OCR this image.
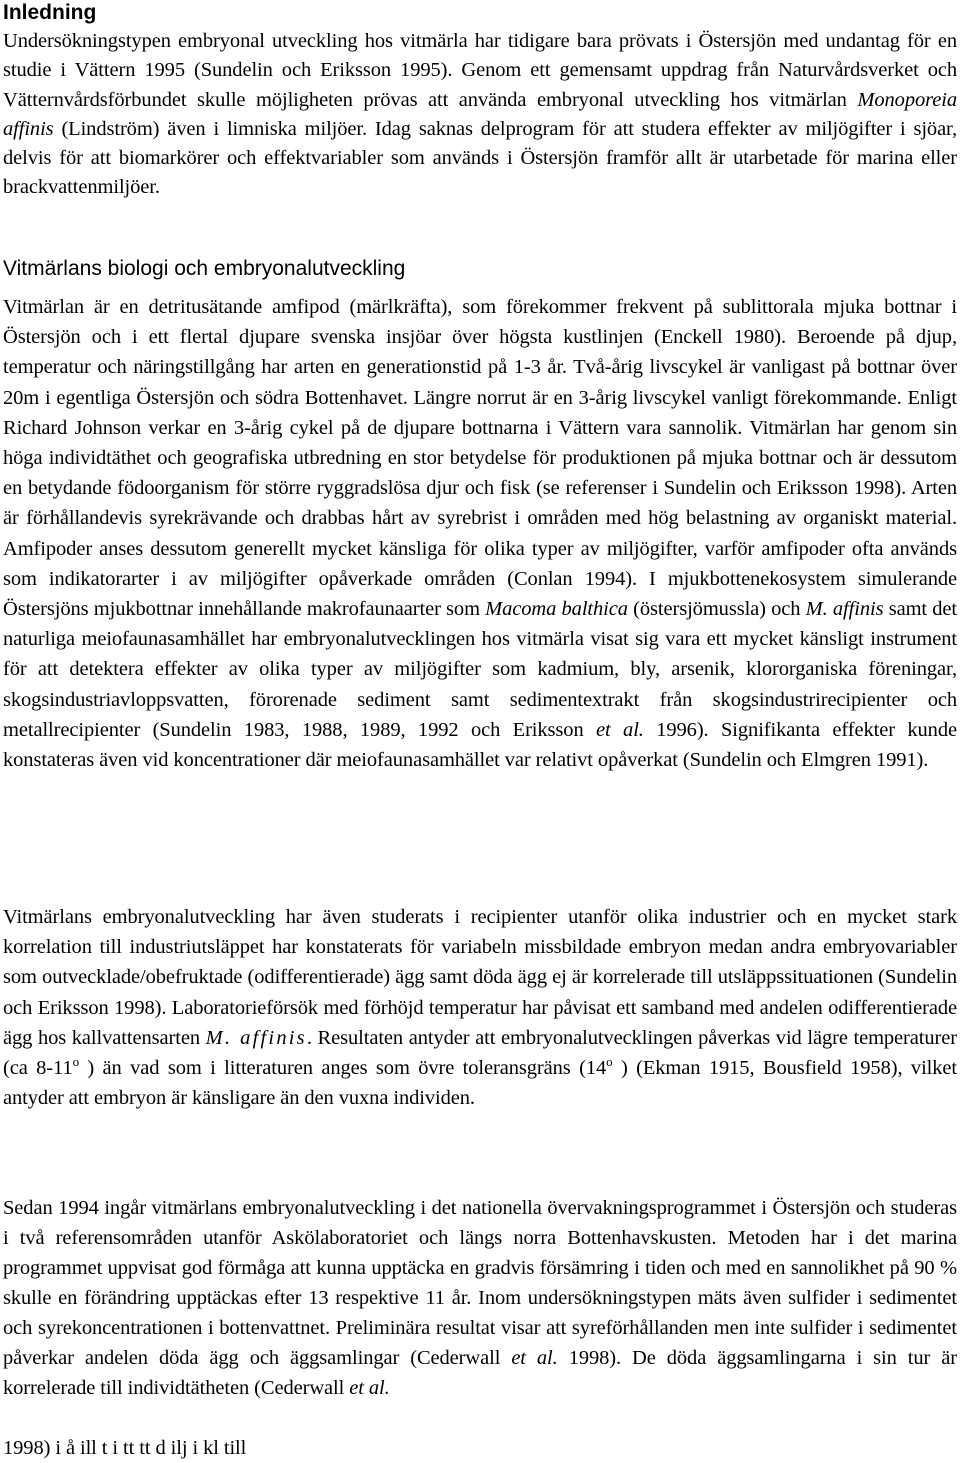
Inledning

Undersökningstypen embryonal utveckling hos vitmärla har tidigare bara prövats i Östersjön med undantag för en studie i Vättern 1995 (Sundelin och Eriksson 1995). Genom ett gemensamt uppdrag från Naturvårdsverket och Vätternvårdsförbundet skulle möjligheten prövas att använda embryonal utveckling hos vitmärlan Monoporeia affinis (Lindström) även i limniska miljöer. Idag saknas delprogram för att studera effekter av miljögifter i sjöar, delvis för att biomarkörer och effektvariabler som används i Östersjön framför allt är utarbetade för marina eller brackvattenmiljöer.

Vitmärlans biologi och embryonalutveckling

Vitmärlan är en detritusätande amfipod (märlkräfta), som förekommer frekvent på sublittorala mjuka bottnar i Östersjön och i ett flertal djupare svenska insjöar över högsta kustlinjen (Enckell 1980). Beroende på djup, temperatur och näringstillgång har arten en generationstid på 1-3 år. Två-årig livscykel är vanligast på bottnar över 20m i egentliga Östersjön och södra Bottenhavet. Längre norrut är en 3-årig livscykel vanligt förekommande. Enligt Richard Johnson verkar en 3-årig cykel på de djupare bottnarna i Vättern vara sannolik. Vitmärlan har genom sin höga individtäthet och geografiska utbredning en stor betydelse för produktionen på mjuka bottnar och är dessutom en betydande födoorganism för större ryggradslösa djur och fisk (se referenser i Sundelin och Eriksson 1998). Arten är förhållandevis syrekrävande och drabbas hårt av syrebrist i områden med hög belastning av organiskt material. Amfipoder anses dessutom generellt mycket känsliga för olika typer av miljögifter, varför amfipoder ofta används som indikatorarter i av miljögifter opåverkade områden (Conlan 1994). I mjukbottenekosystem simulerande Östersjöns mjukbottnar innehållande makrofaunaarter som Macoma balthica (östersjömussla) och M. affinis samt det naturliga meiofaunasamhället har embryonalutvecklingen hos vitmärla visat sig vara ett mycket känsligt instrument för att detektera effekter av olika typer av miljögifter som kadmium, bly, arsenik, klororganiska föreningar, skogsindustriavloppsvatten, förorenade sediment samt sedimentextrakt från skogsindustrirecipienter och metallrecipienter (Sundelin 1983, 1988, 1989, 1992 och Eriksson et al. 1996). Signifikanta effekter kunde konstateras även vid koncentrationer där meiofaunasamhället var relativt opåverkat (Sundelin och Elmgren 1991).

Vitmärlans embryonalutveckling har även studerats i recipienter utanför olika industrier och en mycket stark korrelation till industriutsläppet har konstaterats för variabeln missbildade embryon medan andra embryovariabler som outvecklade/obefruktade (odifferentierade) ägg samt döda ägg ej är korrelerade till utsläppssituationen (Sundelin och Eriksson 1998). Laboratorieförsök med förhöjd temperatur har påvisat ett samband med andelen odifferentierade ägg hos kallvattensarten M. affinis. Resultaten antyder att embryonalutvecklingen påverkas vid lägre temperaturer (ca 8-11$^o$ ) än vad som i litteraturen anges som övre toleransgräns (14$^o$ ) (Ekman 1915, Bousfield 1958), vilket antyder att embryon är känsligare än den vuxna individen.

Sedan 1994 ingår vitmärlans embryonalutveckling i det nationella övervakningsprogrammet i Östersjön och studeras i två referensområden utanför Askölaboratoriet och längs norra Bottenhavskusten. Metoden har i det marina programmet uppvisat god förmåga att kunna upptäcka en gradvis försämring i tiden och med en sannolikhet på 90 % skulle en förändring upptäckas efter 13 respektive 11 år. Inom undersökningstypen mäts även sulfider i sedimentet och syrekoncentrationen i bottenvattnet. Preliminära resultat visar att syreförhållanden men inte sulfider i sedimentet påverkar andelen döda ägg och äggsamlingar (Cederwall et al. 1998). De döda äggsamlingarna i sin tur är korrelerade till individtätheten (Cederwall et al.

1998) i å ill t i tt tt d ilj i kl till
